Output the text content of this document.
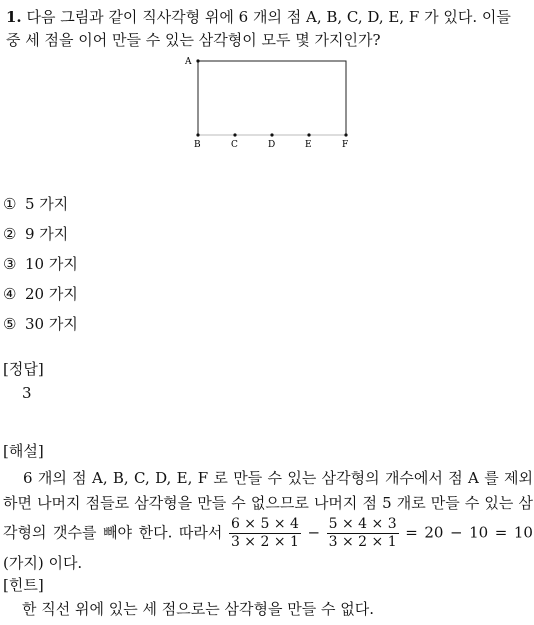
1. 다음 그림과 같이 직사각형 위에 6 개의 점 A, B, C, D, E, F 가 있다. 이들 중 세 점을 이어 만들 수 있는 삼각형이 모두 몇 가지인가?
A
B	C	D	E	F
① 5 가지
② 9 가지
③ 10 가지
④ 20 가지
⑤ 30 가지
[정답]
3
[해설]
6 개의 점 A, B, C, D, E, F 로 만들 수 있는 삼각형의 개수에서 점 A 를 제외하면 나머지 점들로 삼각형을 만들 수 없으므로 나머지 점 5 개로 만들 수 있는 삼각형의 갯수를 빼야 한다. 따라서 $\frac{6 \times 5 \times 4}{3 \times 2 \times 1} - \frac{5 \times 4 \times 3}{3 \times 2 \times 1} = 20 - 10 = 10$ (가지) 이다.
[힌트]
한 직선 위에 있는 세 점으로는 삼각형을 만들 수 없다.
